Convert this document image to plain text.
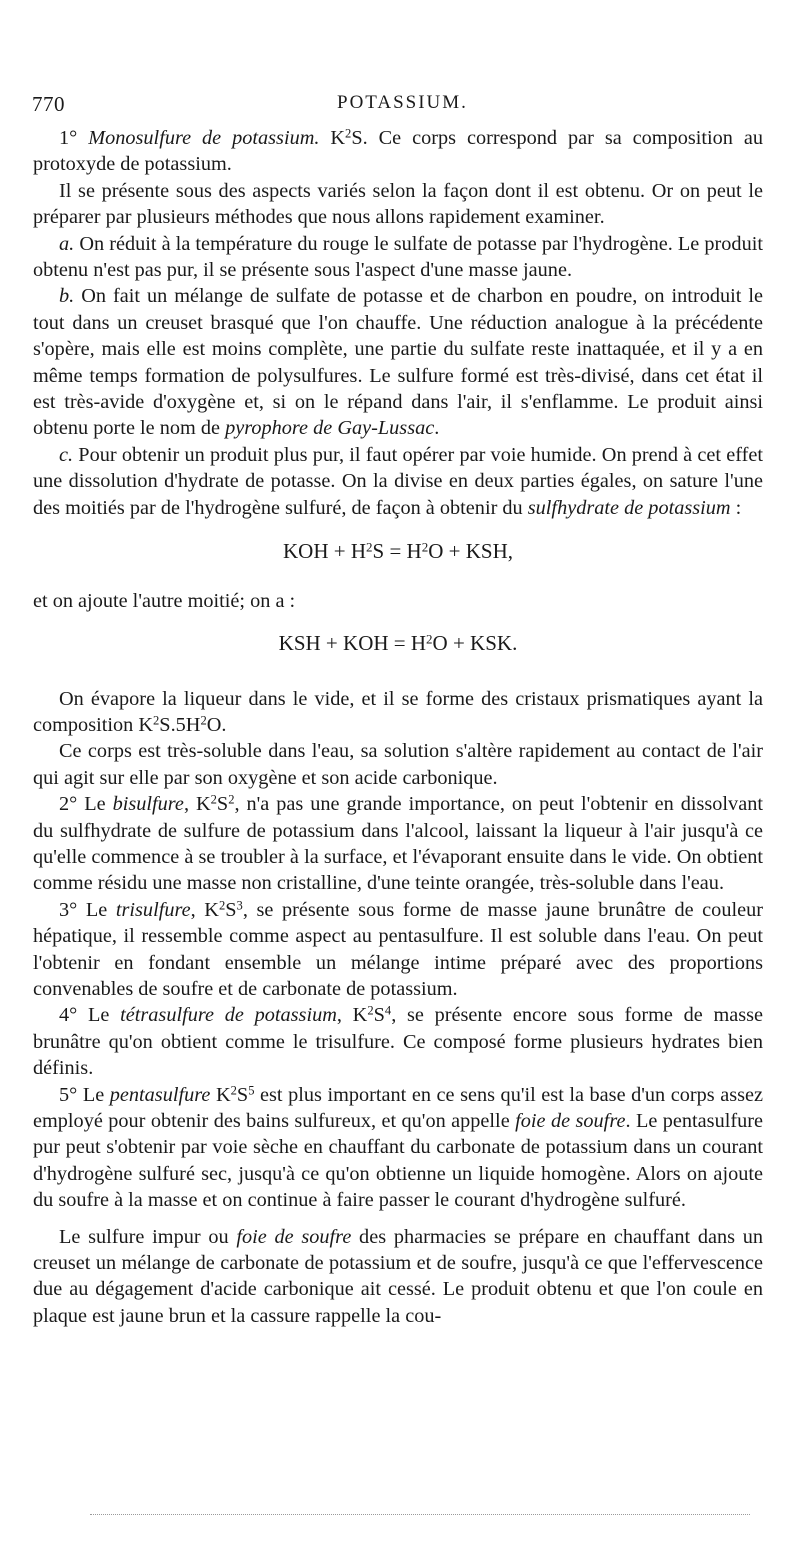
770	POTASSIUM.

1° Monosulfure de potassium. $K^2S$. Ce corps correspond par sa composition au protoxyde de potassium.

Il se présente sous des aspects variés selon la façon dont il est obtenu. Or on peut le préparer par plusieurs méthodes que nous allons rapidement examiner.

a. On réduit à la température du rouge le sulfate de potasse par l'hydrogène. Le produit obtenu n'est pas pur, il se présente sous l'aspect d'une masse jaune.

b. On fait un mélange de sulfate de potasse et de charbon en poudre, on introduit le tout dans un creuset brasqué que l'on chauffe. Une réduction analogue à la précédente s'opère, mais elle est moins complète, une partie du sulfate reste inattaquée, et il y a en même temps formation de polysulfures. Le sulfure formé est très-divisé, dans cet état il est très-avide d'oxygène et, si on le répand dans l'air, il s'enflamme. Le produit ainsi obtenu porte le nom de pyrophore de Gay-Lussac.

c. Pour obtenir un produit plus pur, il faut opérer par voie humide. On prend à cet effet une dissolution d'hydrate de potasse. On la divise en deux parties égales, on sature l'une des moitiés par de l'hydrogène sulfuré, de façon à obtenir du sulfhydrate de potassium :

KOH + $H^2S = H^2O$ + KSH,

et on ajoute l'autre moitié; on a :

KSH + KOH = $H^2O$ + KSK.

On évapore la liqueur dans le vide, et il se forme des cristaux prismatiques ayant la composition $K^2S.5H^2O$.

Ce corps est très-soluble dans l'eau, sa solution s'altère rapidement au contact de l'air qui agit sur elle par son oxygène et son acide carbonique.

2° Le bisulfure, $K^2S^2$, n'a pas une grande importance, on peut l'obtenir en dissolvant du sulfhydrate de sulfure de potassium dans l'alcool, laissant la liqueur à l'air jusqu'à ce qu'elle commence à se troubler à la surface, et l'évaporant ensuite dans le vide. On obtient comme résidu une masse non cristalline, d'une teinte orangée, très-soluble dans l'eau.

3° Le trisulfure, $K^2S^3$, se présente sous forme de masse jaune brunâtre de couleur hépatique, il ressemble comme aspect au pentasulfure. Il est soluble dans l'eau. On peut l'obtenir en fondant ensemble un mélange intime préparé avec des proportions convenables de soufre et de carbonate de potassium.

4° Le tétrasulfure de potassium, $K^2S^4$, se présente encore sous forme de masse brunâtre qu'on obtient comme le trisulfure. Ce composé forme plusieurs hydrates bien définis.

5° Le pentasulfure $K^2S^5$ est plus important en ce sens qu'il est la base d'un corps assez employé pour obtenir des bains sulfureux, et qu'on appelle foie de soufre. Le pentasulfure pur peut s'obtenir par voie sèche en chauffant du carbonate de potassium dans un courant d'hydrogène sulfuré sec, jusqu'à ce qu'on obtienne un liquide homogène. Alors on ajoute du soufre à la masse et on continue à faire passer le courant d'hydrogène sulfuré.

Le sulfure impur ou foie de soufre des pharmacies se prépare en chauffant dans un creuset un mélange de carbonate de potassium et de soufre, jusqu'à ce que l'effervescence due au dégagement d'acide carbonique ait cessé. Le produit obtenu et que l'on coule en plaque est jaune brun et la cassure rappelle la cou-
